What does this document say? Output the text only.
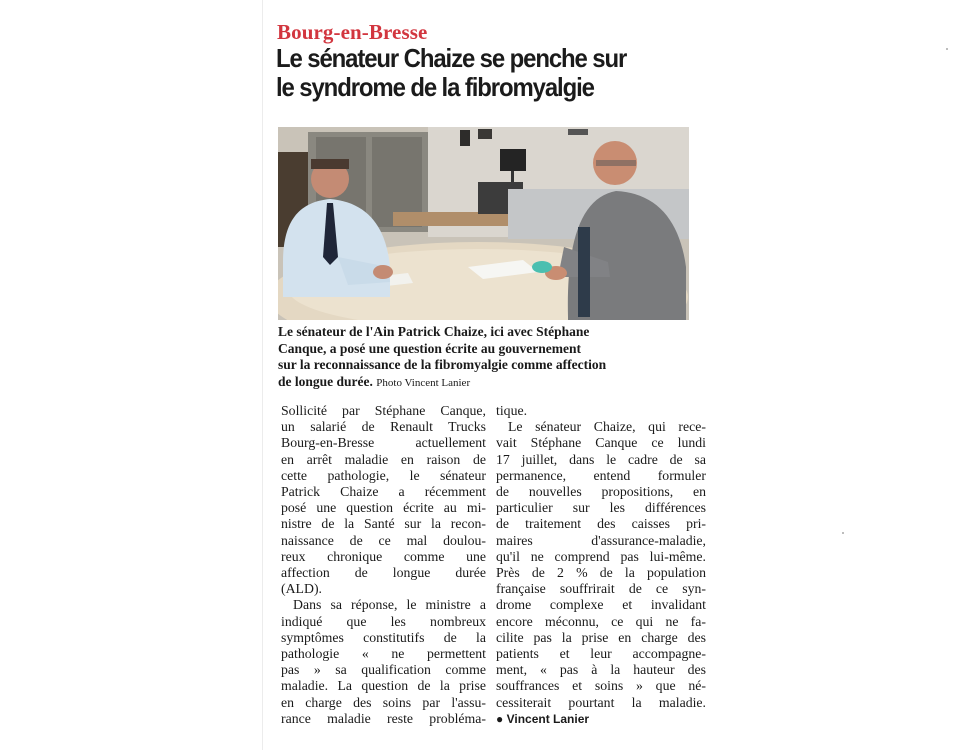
Bourg-en-Bresse
Le sénateur Chaize se penche sur
le syndrome de la fibromyalgie
Le sénateur de l'Ain Patrick Chaize, ici avec Stéphane
Canque, a posé une question écrite au gouvernement
sur la reconnaissance de la fibromyalgie comme affection
de longue durée. Photo Vincent Lanier
Sollicité par Stéphane Canque,
un salarié de Renault Trucks
Bourg-en-Bresse actuellement
en arrêt maladie en raison de
cette pathologie, le sénateur
Patrick Chaize a récemment
posé une question écrite au mi-
nistre de la Santé sur la recon-
naissance de ce mal doulou-
reux chronique comme une
affection de longue durée
(ALD).
Dans sa réponse, le ministre a
indiqué que les nombreux
symptômes constitutifs de la
pathologie « ne permettent
pas » sa qualification comme
maladie. La question de la prise
en charge des soins par l'assu-
rance maladie reste probléma-
tique.
Le sénateur Chaize, qui rece-
vait Stéphane Canque ce lundi
17 juillet, dans le cadre de sa
permanence, entend formuler
de nouvelles propositions, en
particulier sur les différences
de traitement des caisses pri-
maires d'assurance-maladie,
qu'il ne comprend pas lui-même.
Près de 2 % de la population
française souffrirait de ce syn-
drome complexe et invalidant
encore méconnu, ce qui ne fa-
cilite pas la prise en charge des
patients et leur accompagne-
ment, « pas à la hauteur des
souffrances et soins » que né-
cessiterait pourtant la maladie.
● Vincent Lanier
